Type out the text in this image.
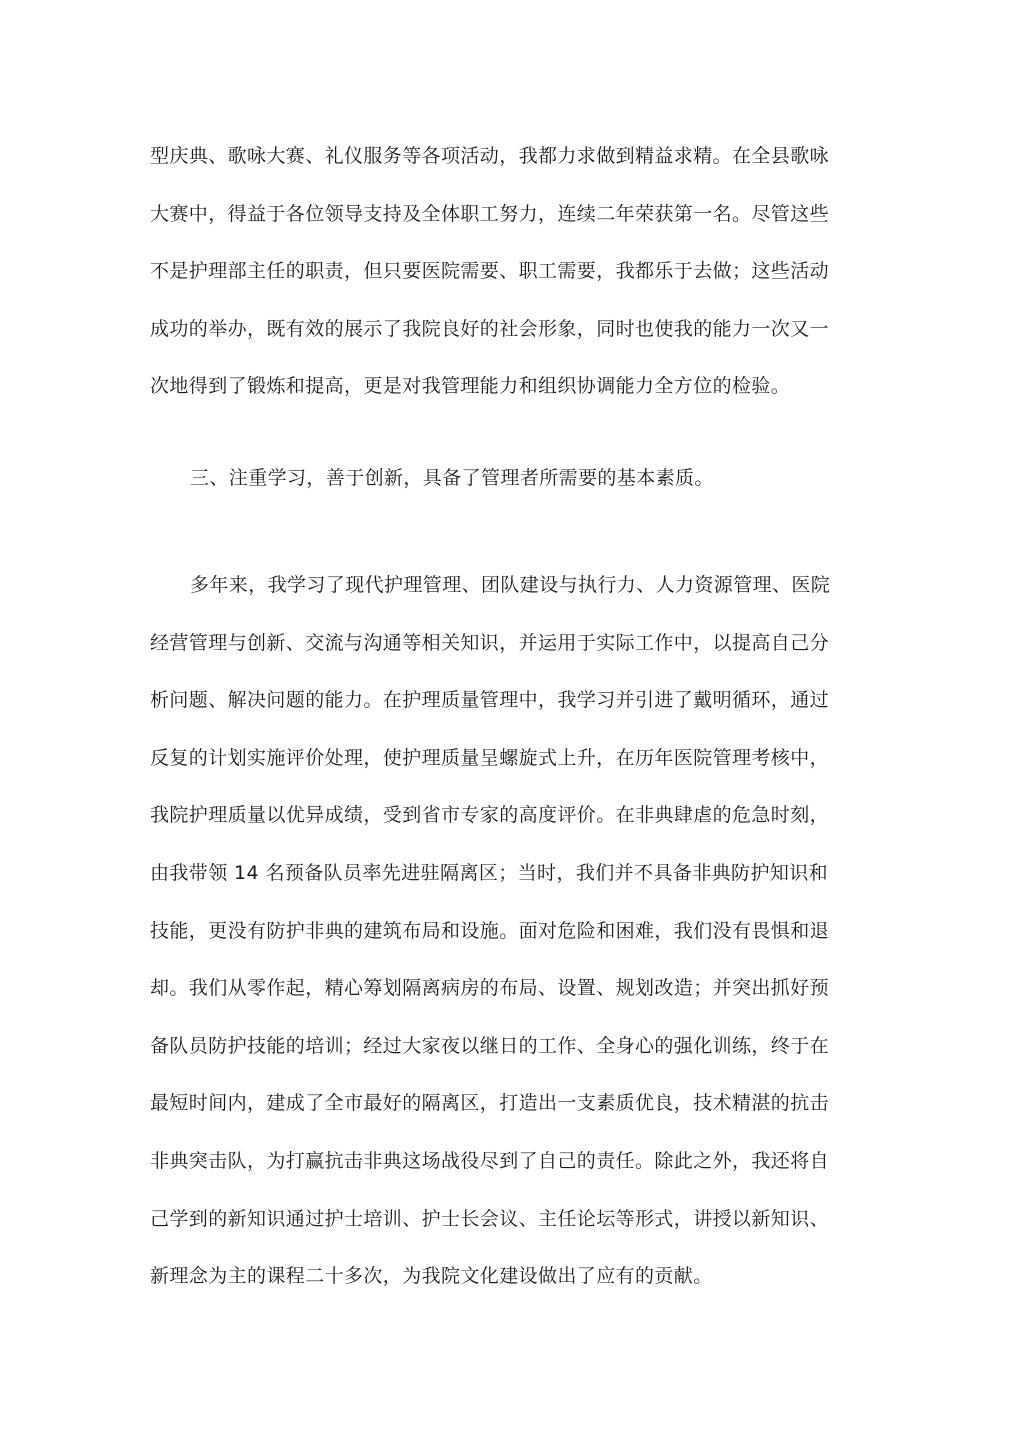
型庆典、歌咏大赛、礼仪服务等各项活动，我都力求做到精益求精。在全县歌咏
大赛中，得益于各位领导支持及全体职工努力，连续二年荣获第一名。尽管这些
不是护理部主任的职责，但只要医院需要、职工需要，我都乐于去做；这些活动
成功的举办，既有效的展示了我院良好的社会形象，同时也使我的能力一次又一
次地得到了锻炼和提高，更是对我管理能力和组织协调能力全方位的检验。
三、注重学习，善于创新，具备了管理者所需要的基本素质。
多年来，我学习了现代护理管理、团队建设与执行力、人力资源管理、医院
经营管理与创新、交流与沟通等相关知识，并运用于实际工作中，以提高自己分
析问题、解决问题的能力。在护理质量管理中，我学习并引进了戴明循环，通过
反复的计划实施评价处理，使护理质量呈螺旋式上升，在历年医院管理考核中，
我院护理质量以优异成绩，受到省市专家的高度评价。在非典肆虐的危急时刻，
由我带领 14 名预备队员率先进驻隔离区；当时，我们并不具备非典防护知识和
技能，更没有防护非典的建筑布局和设施。面对危险和困难，我们没有畏惧和退
却。我们从零作起，精心筹划隔离病房的布局、设置、规划改造；并突出抓好预
备队员防护技能的培训；经过大家夜以继日的工作、全身心的强化训练，终于在
最短时间内，建成了全市最好的隔离区，打造出一支素质优良，技术精湛的抗击
非典突击队，为打赢抗击非典这场战役尽到了自己的责任。除此之外，我还将自
己学到的新知识通过护士培训、护士长会议、主任论坛等形式，讲授以新知识、
新理念为主的课程二十多次，为我院文化建设做出了应有的贡献。
